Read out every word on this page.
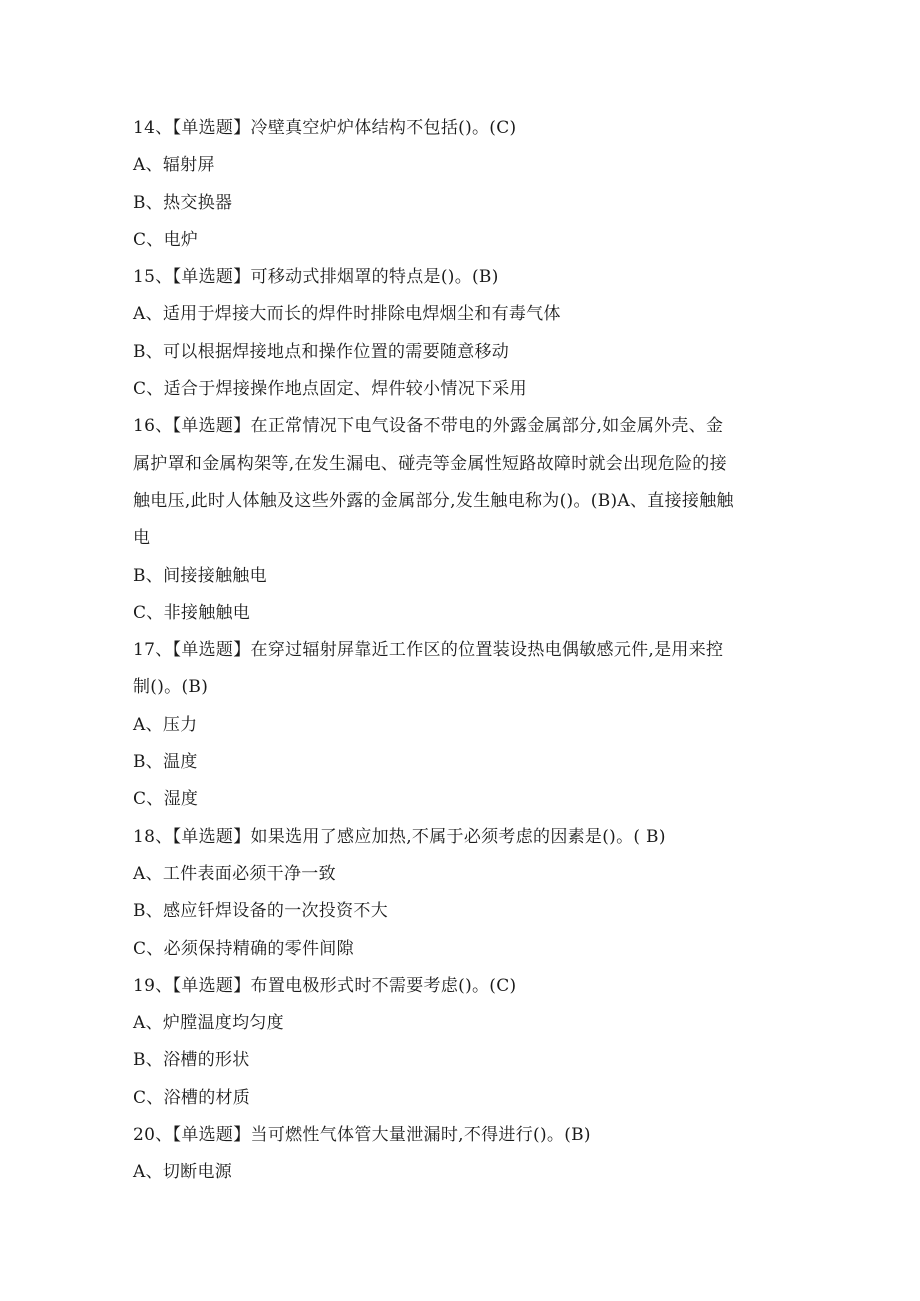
14、【单选题】冷壁真空炉炉体结构不包括()。(C)
A、辐射屏
B、热交换器
C、电炉
15、【单选题】可移动式排烟罩的特点是()。(B)
A、适用于焊接大而长的焊件时排除电焊烟尘和有毒气体
B、可以根据焊接地点和操作位置的需要随意移动
C、适合于焊接操作地点固定、焊件较小情况下采用
16、【单选题】在正常情况下电气设备不带电的外露金属部分,如金属外壳、金
属护罩和金属构架等,在发生漏电、碰壳等金属性短路故障时就会出现危险的接
触电压,此时人体触及这些外露的金属部分,发生触电称为()。(B)A、直接接触触
电
B、间接接触触电
C、非接触触电
17、【单选题】在穿过辐射屏靠近工作区的位置装设热电偶敏感元件,是用来控
制()。(B)
A、压力
B、温度
C、湿度
18、【单选题】如果选用了感应加热,不属于必须考虑的因素是()。( B)
A、工件表面必须干净一致
B、感应钎焊设备的一次投资不大
C、必须保持精确的零件间隙
19、【单选题】布置电极形式时不需要考虑()。(C)
A、炉膛温度均匀度
B、浴槽的形状
C、浴槽的材质
20、【单选题】当可燃性气体管大量泄漏时,不得进行()。(B)
A、切断电源
